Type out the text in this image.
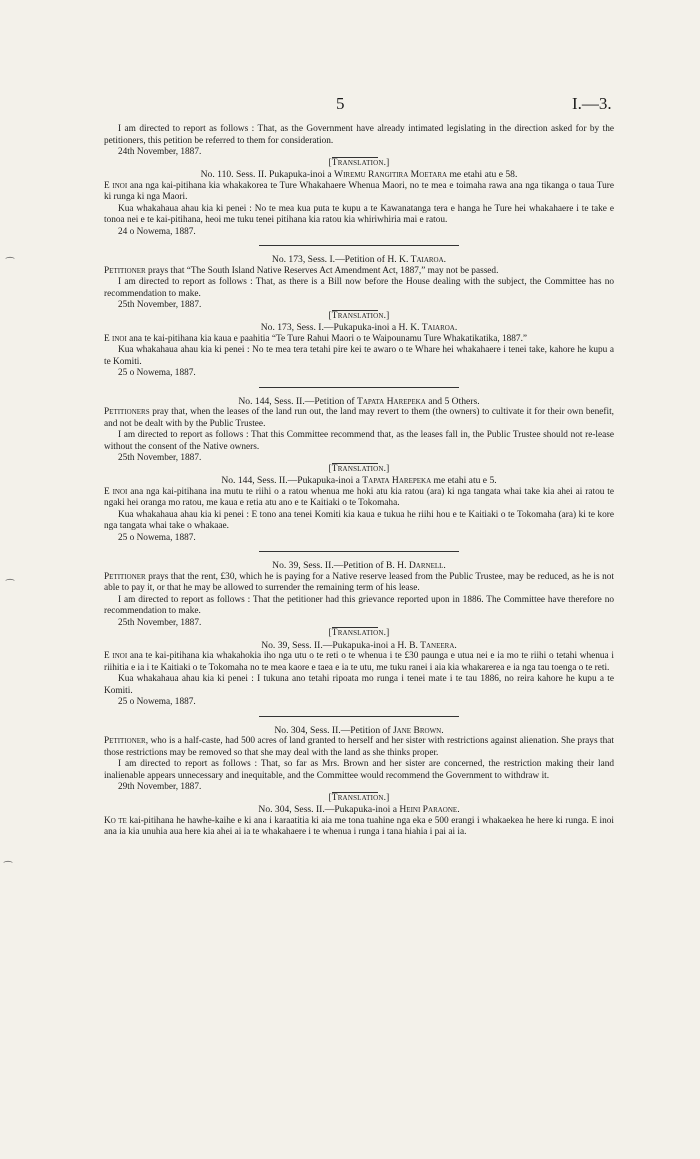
5	I.—3.
⁀
⁀
⁀

I am directed to report as follows : That, as the Government have already intimated legislating in the direction asked for by the petitioners, this petition be referred to them for consideration.

24th November, 1887.

[Translation.]

No. 110. Sess. II. Pukapuka-inoi a Wiremu Rangitira Moetara me etahi atu e 58.

E inoi ana nga kai-pitihana kia whakakorea te Ture Whakahaere Whenua Maori, no te mea e toimaha rawa ana nga tikanga o taua Ture ki runga ki nga Maori.

Kua whakahaua ahau kia ki penei : No te mea kua puta te kupu a te Kawanatanga tera e hanga he Ture hei whakahaere i te take e tonoa nei e te kai-pitihana, heoi me tuku tenei pitihana kia ratou kia whiriwhiria mai e ratou.

24 o Nowema, 1887.

No. 173, Sess. I.—Petition of H. K. Taiaroa.

Petitioner prays that “The South Island Native Reserves Act Amendment Act, 1887,” may not be passed.

I am directed to report as follows : That, as there is a Bill now before the House dealing with the subject, the Committee has no recommendation to make.

25th November, 1887.

[Translation.]

No. 173, Sess. I.—Pukapuka-inoi a H. K. Taiaroa.

E inoi ana te kai-pitihana kia kaua e paahitia “Te Ture Rahui Maori o te Waipounamu Ture Whakatikatika, 1887.”

Kua whakahaua ahau kia ki penei : No te mea tera tetahi pire kei te awaro o te Whare hei whakahaere i tenei take, kahore he kupu a te Komiti.

25 o Nowema, 1887.

No. 144, Sess. II.—Petition of Tapata Harepeka and 5 Others.

Petitioners pray that, when the leases of the land run out, the land may revert to them (the owners) to cultivate it for their own benefit, and not be dealt with by the Public Trustee.

I am directed to report as follows : That this Committee recommend that, as the leases fall in, the Public Trustee should not re-lease without the consent of the Native owners.

25th November, 1887.

[Translation.]

No. 144, Sess. II.—Pukapuka-inoi a Tapata Harepeka me etahi atu e 5.

E inoi ana nga kai-pitihana ina mutu te riihi o a ratou whenua me hoki atu kia ratou (ara) ki nga tangata whai take kia ahei ai ratou te ngaki hei oranga mo ratou, me kaua e retia atu ano e te Kaitiaki o te Tokomaha.

Kua whakahaua ahau kia ki penei : E tono ana tenei Komiti kia kaua e tukua he riihi hou e te Kaitiaki o te Tokomaha (ara) ki te kore nga tangata whai take o whakaae.

25 o Nowema, 1887.

No. 39, Sess. II.—Petition of B. H. Darnell.

Petitioner prays that the rent, £30, which he is paying for a Native reserve leased from the Public Trustee, may be reduced, as he is not able to pay it, or that he may be allowed to surrender the remaining term of his lease.

I am directed to report as follows : That the petitioner had this grievance reported upon in 1886. The Committee have therefore no recommendation to make.

25th November, 1887.

[Translation.]

No. 39, Sess. II.—Pukapuka-inoi a H. B. Taneera.

E inoi ana te kai-pitihana kia whakahokia iho nga utu o te reti o te whenua i te £30 paunga e utua nei e ia mo te riihi o tetahi whenua i riihitia e ia i te Kaitiaki o te Tokomaha no te mea kaore e taea e ia te utu, me tuku ranei i aia kia whakarerea e ia nga tau toenga o te reti.

Kua whakahaua ahau kia ki penei : I tukuna ano tetahi ripoata mo runga i tenei mate i te tau 1886, no reira kahore he kupu a te Komiti.

25 o Nowema, 1887.

No. 304, Sess. II.—Petition of Jane Brown.

Petitioner, who is a half-caste, had 500 acres of land granted to herself and her sister with restrictions against alienation. She prays that those restrictions may be removed so that she may deal with the land as she thinks proper.

I am directed to report as follows : That, so far as Mrs. Brown and her sister are concerned, the restriction making their land inalienable appears unnecessary and inequitable, and the Committee would recommend the Government to withdraw it.

29th November, 1887.

[Translation.]

No. 304, Sess. II.—Pukapuka-inoi a Heini Paraone.

Ko te kai-pitihana he hawhe-kaihe e ki ana i karaatitia ki aia me tona tuahine nga eka e 500 erangi i whakaekea he here ki runga. E inoi ana ia kia unuhia aua here kia ahei ai ia te whakahaere i te whenua i runga i tana hiahia i pai ai ia.
